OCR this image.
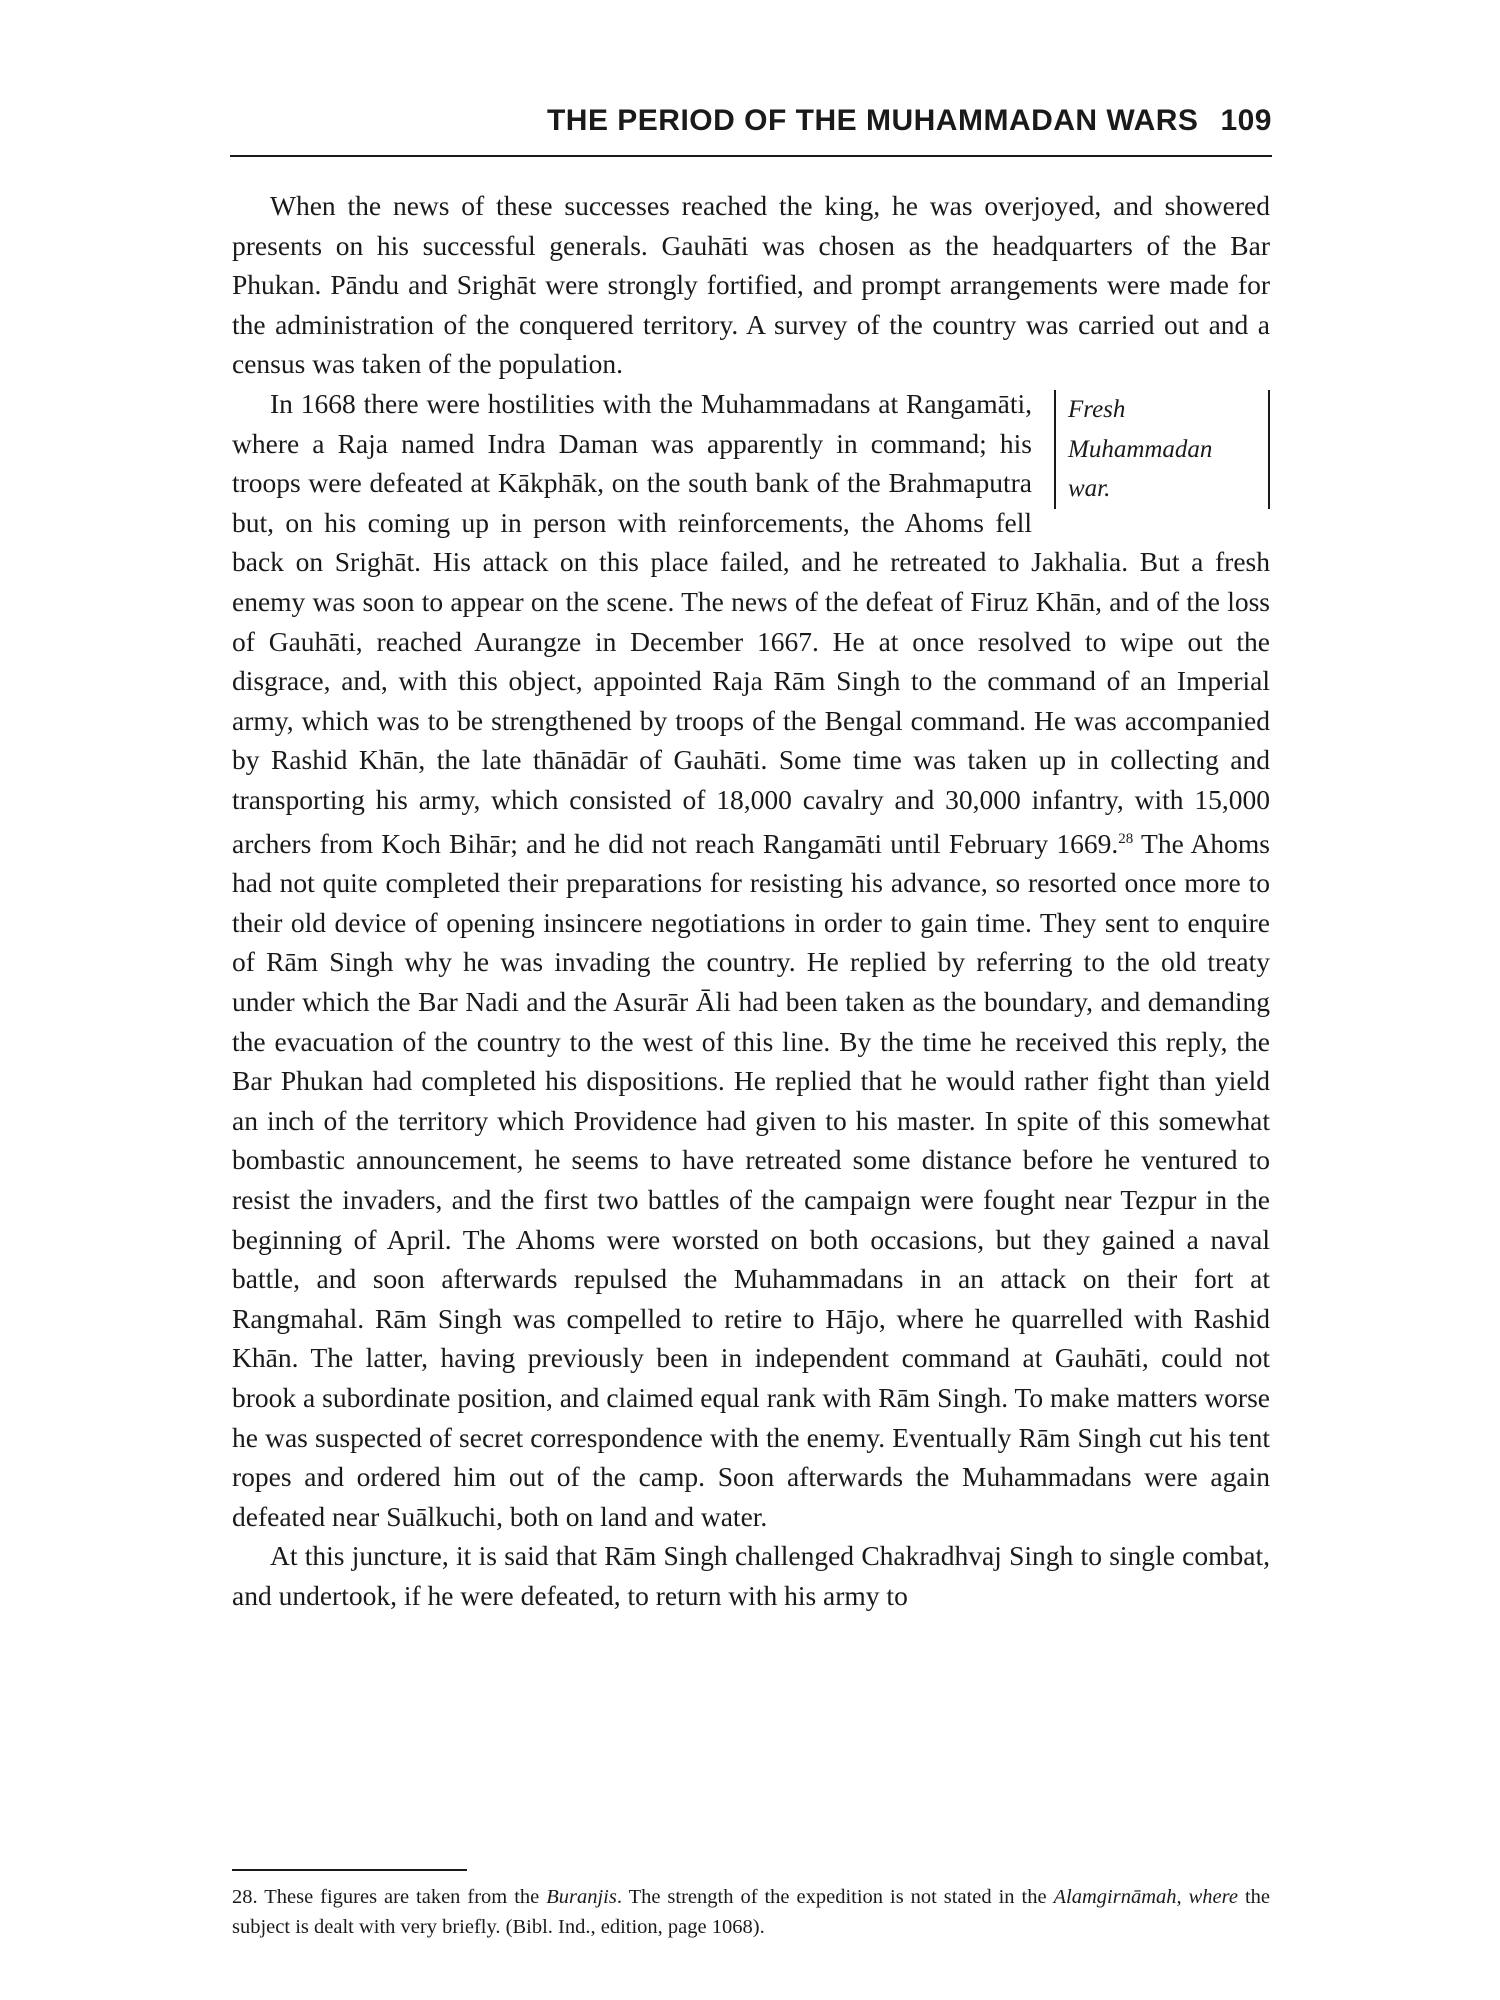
THE PERIOD OF THE MUHAMMADAN WARS 109

When the news of these successes reached the king, he was overjoyed, and showered presents on his successful generals. Gauhāti was chosen as the headquarters of the Bar Phukan. Pāndu and Srighāt were strongly fortified, and prompt arrangements were made for the administration of the conquered territory. A survey of the country was carried out and a census was taken of the population.

Fresh
Muhammadan
war.
In 1668 there were hostilities with the Muhammadans at Rangamāti, where a Raja named Indra Daman was apparently in command; his troops were defeated at Kākphāk, on the south bank of the Brahmaputra but, on his coming up in person with reinforcements, the Ahoms fell back on Srighāt. His attack on this place failed, and he retreated to Jakhalia. But a fresh enemy was soon to appear on the scene. The news of the defeat of Firuz Khān, and of the loss of Gauhāti, reached Aurangze in December 1667. He at once resolved to wipe out the disgrace, and, with this object, appointed Raja Rām Singh to the command of an Imperial army, which was to be strengthened by troops of the Bengal command. He was accompanied by Rashid Khān, the late thānādār of Gauhāti. Some time was taken up in collecting and transporting his army, which consisted of 18,000 cavalry and 30,000 infantry, with 15,000 archers from Koch Bihār; and he did not reach Rangamāti until February 1669.28 The Ahoms had not quite completed their preparations for resisting his advance, so resorted once more to their old device of opening insincere negotiations in order to gain time. They sent to enquire of Rām Singh why he was invading the country. He replied by referring to the old treaty under which the Bar Nadi and the Asurār Āli had been taken as the boundary, and demanding the evacuation of the country to the west of this line. By the time he received this reply, the Bar Phukan had completed his dispositions. He replied that he would rather fight than yield an inch of the territory which Providence had given to his master. In spite of this somewhat bombastic announcement, he seems to have retreated some distance before he ventured to resist the invaders, and the first two battles of the campaign were fought near Tezpur in the beginning of April. The Ahoms were worsted on both occasions, but they gained a naval battle, and soon afterwards repulsed the Muhammadans in an attack on their fort at Rangmahal. Rām Singh was compelled to retire to Hājo, where he quarrelled with Rashid Khān. The latter, having previously been in independent command at Gauhāti, could not brook a subordinate position, and claimed equal rank with Rām Singh. To make matters worse he was suspected of secret correspondence with the enemy. Eventually Rām Singh cut his tent ropes and ordered him out of the camp. Soon afterwards the Muhammadans were again defeated near Suālkuchi, both on land and water.

At this juncture, it is said that Rām Singh challenged Chakradhvaj Singh to single combat, and undertook, if he were defeated, to return with his army to

28. These figures are taken from the Buranjis. The strength of the expedition is not stated in the Alamgirnāmah, where the subject is dealt with very briefly. (Bibl. Ind., edition, page 1068).
